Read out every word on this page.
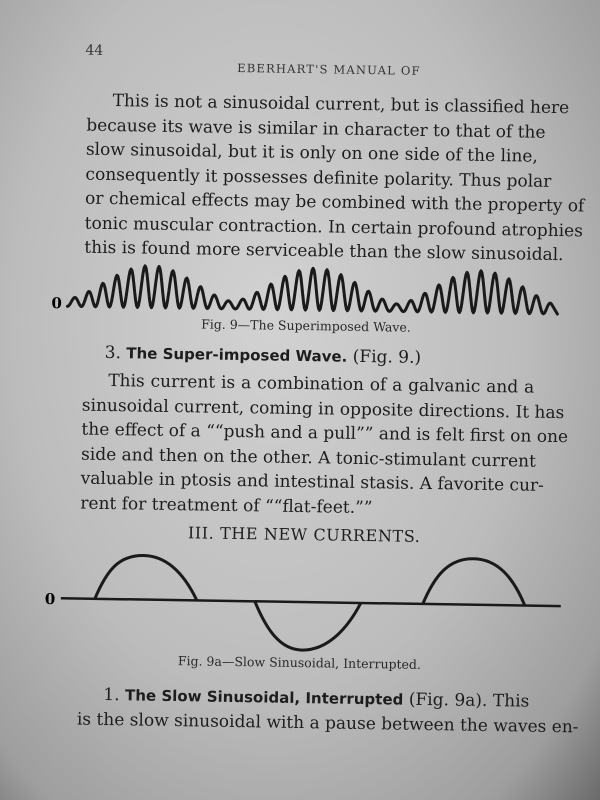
44
EBERHART'S MANUAL OF

This is not a sinusoidal current, but is classified here
because its wave is similar in character to that of the
slow sinusoidal, but it is only on one side of the line,
consequently it possesses definite polarity. Thus polar
or chemical effects may be combined with the property of
tonic muscular contraction. In certain profound atrophies
this is found more serviceable than the slow sinusoidal.

0
Fig. 9—The Superimposed Wave.
3. The Super-imposed Wave. (Fig. 9.)

This current is a combination of a galvanic and a
sinusoidal current, coming in opposite directions. It has
the effect of a ““push and a pull”” and is felt first on one
side and then on the other. A tonic-stimulant current
valuable in ptosis and intestinal stasis. A favorite cur-
rent for treatment of ““flat-feet.””

III. THE NEW CURRENTS.
0
Fig. 9a—Slow Sinusoidal, Interrupted.

1. The Slow Sinusoidal, Interrupted (Fig. 9a). This
is the slow sinusoidal with a pause between the waves en-
